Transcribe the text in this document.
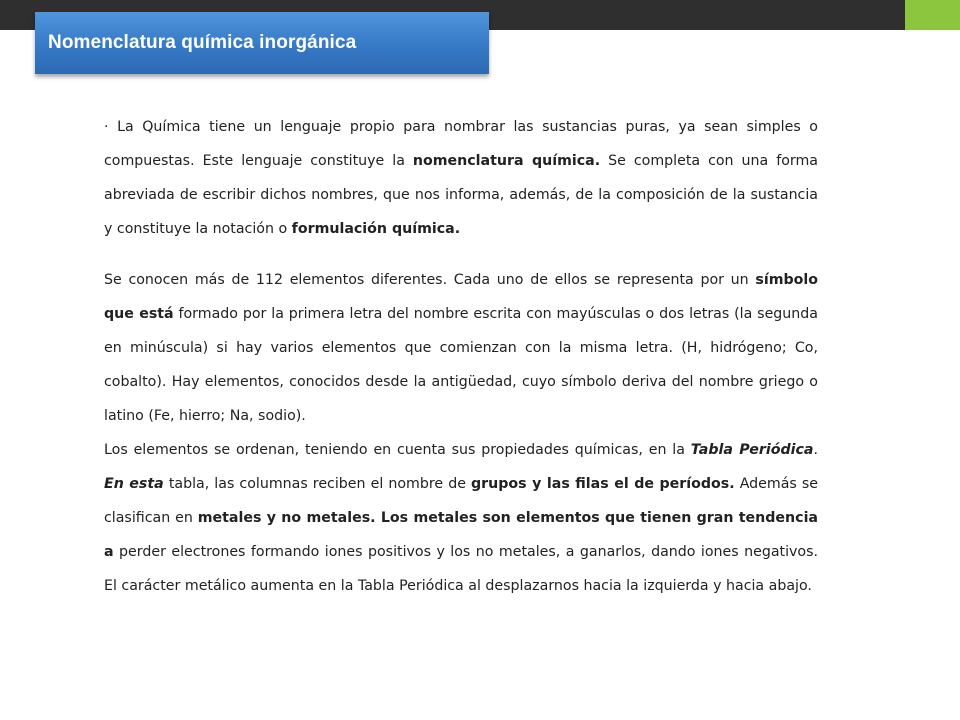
Nomenclatura química inorgánica

· La Química tiene un lenguaje propio para nombrar las sustancias puras, ya sean simples o compuestas. Este lenguaje constituye la nomenclatura química. Se completa con una forma abreviada de escribir dichos nombres, que nos informa, además, de la composición de la sustancia y constituye la notación o formulación química.

Se conocen más de 112 elementos diferentes. Cada uno de ellos se representa por un símbolo que está formado por la primera letra del nombre escrita con mayúsculas o dos letras (la segunda en minúscula) si hay varios elementos que comienzan con la misma letra. (H, hidrógeno; Co, cobalto). Hay elementos, conocidos desde la antigüedad, cuyo símbolo deriva del nombre griego o latino (Fe, hierro; Na, sodio).

Los elementos se ordenan, teniendo en cuenta sus propiedades químicas, en la Tabla Periódica. En esta tabla, las columnas reciben el nombre de grupos y las filas el de períodos. Además se clasifican en metales y no metales. Los metales son elementos que tienen gran tendencia a perder electrones formando iones positivos y los no metales, a ganarlos, dando iones negativos. El carácter metálico aumenta en la Tabla Periódica al desplazarnos hacia la izquierda y hacia abajo.
